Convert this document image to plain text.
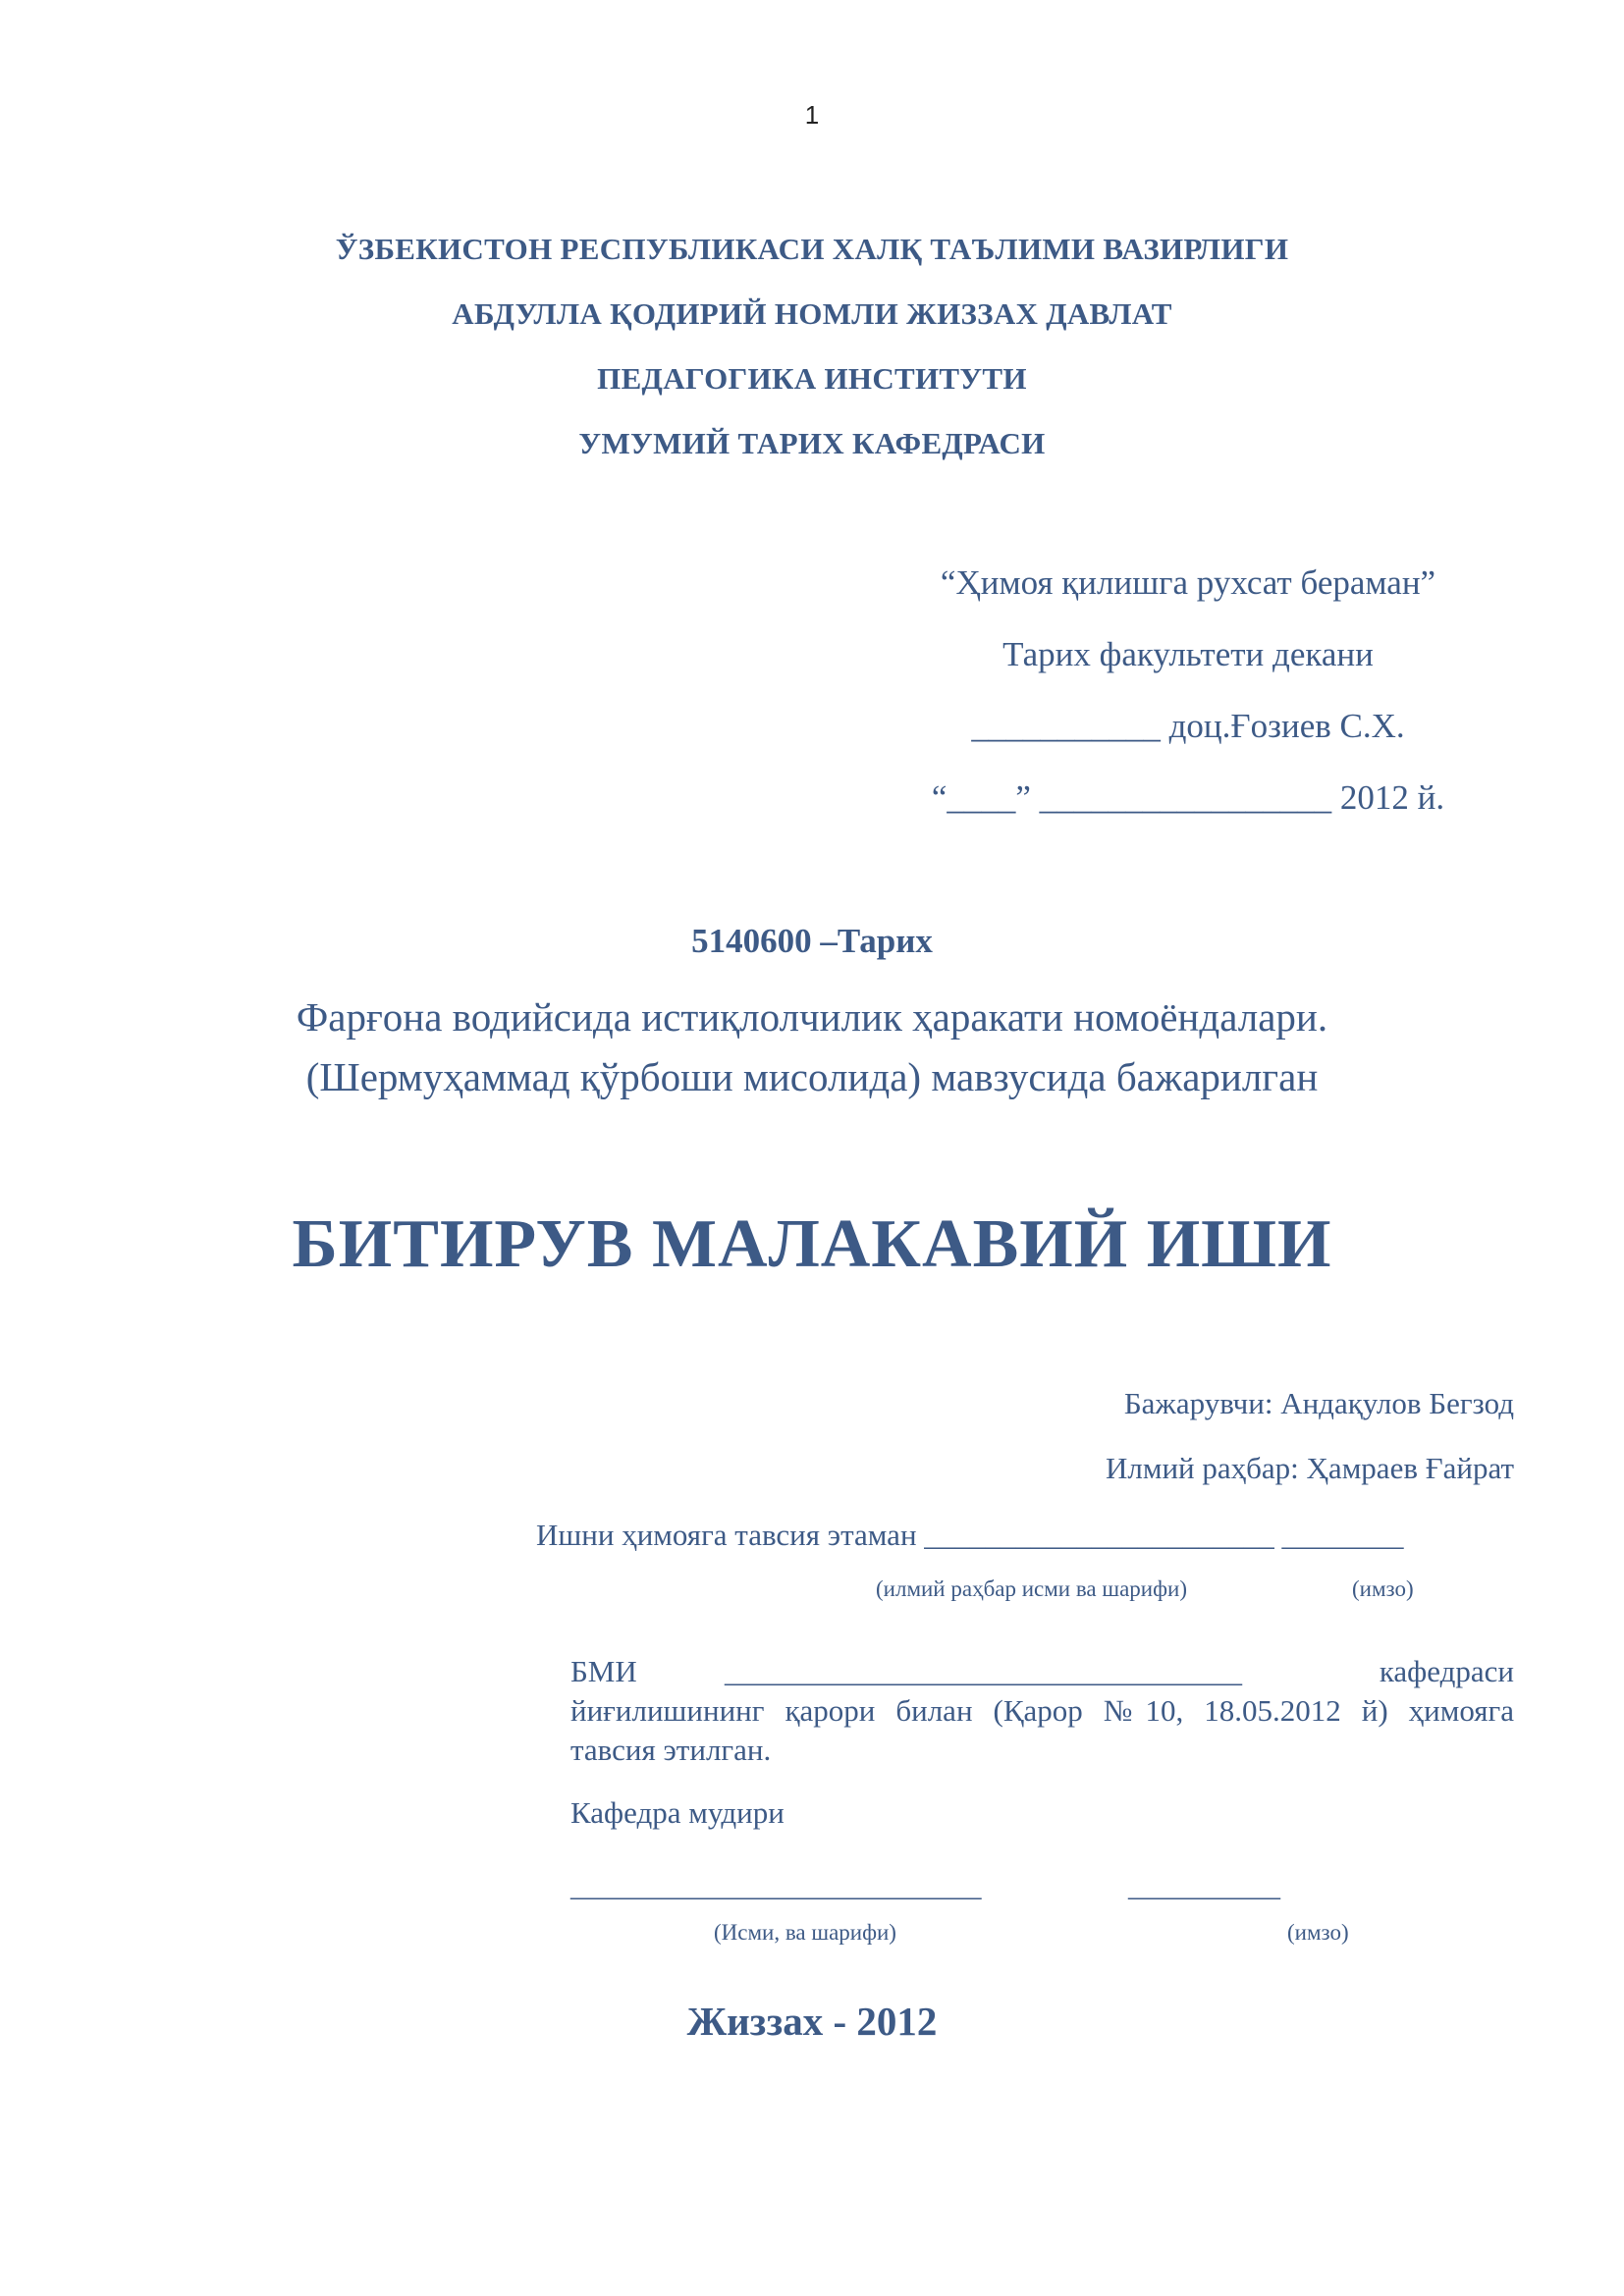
1
ЎЗБЕКИСТОН РЕСПУБЛИКАСИ ХАЛҚ ТАЪЛИМИ ВАЗИРЛИГИ
АБДУЛЛА ҚОДИРИЙ НОМЛИ ЖИЗЗАХ ДАВЛАТ
ПЕДАГОГИКА ИНСТИТУТИ
УМУМИЙ ТАРИХ КАФЕДРАСИ
“Ҳимоя қилишга рухсат бераман”
Тарих факультети декани
___________ доц.Ғозиев С.Х.
“____” _________________ 2012 й.
5140600 –Тарих
Фарғона водийсида истиқлолчилик ҳаракати номоёндалари.
(Шермуҳаммад қўрбоши мисолида) мавзусида бажарилган
БИТИРУВ МАЛАКАВИЙ ИШИ
Бажарувчи: Андақулов Бегзод
Илмий раҳбар: Ҳамраев Ғайрат
Ишни ҳимояга тавсия этаман _______________________ ________
(илмий раҳбар исми ва шарифи)	(имзо)
БМИ	__________________________________	кафедраси
йиғилишининг қарори билан (Қарор №10, 18.05.2012 й) ҳимояга
тавсия этилган.
Кафедра мудири
___________________________	__________
(Исми, ва шарифи)	(имзо)
Жиззах - 2012
